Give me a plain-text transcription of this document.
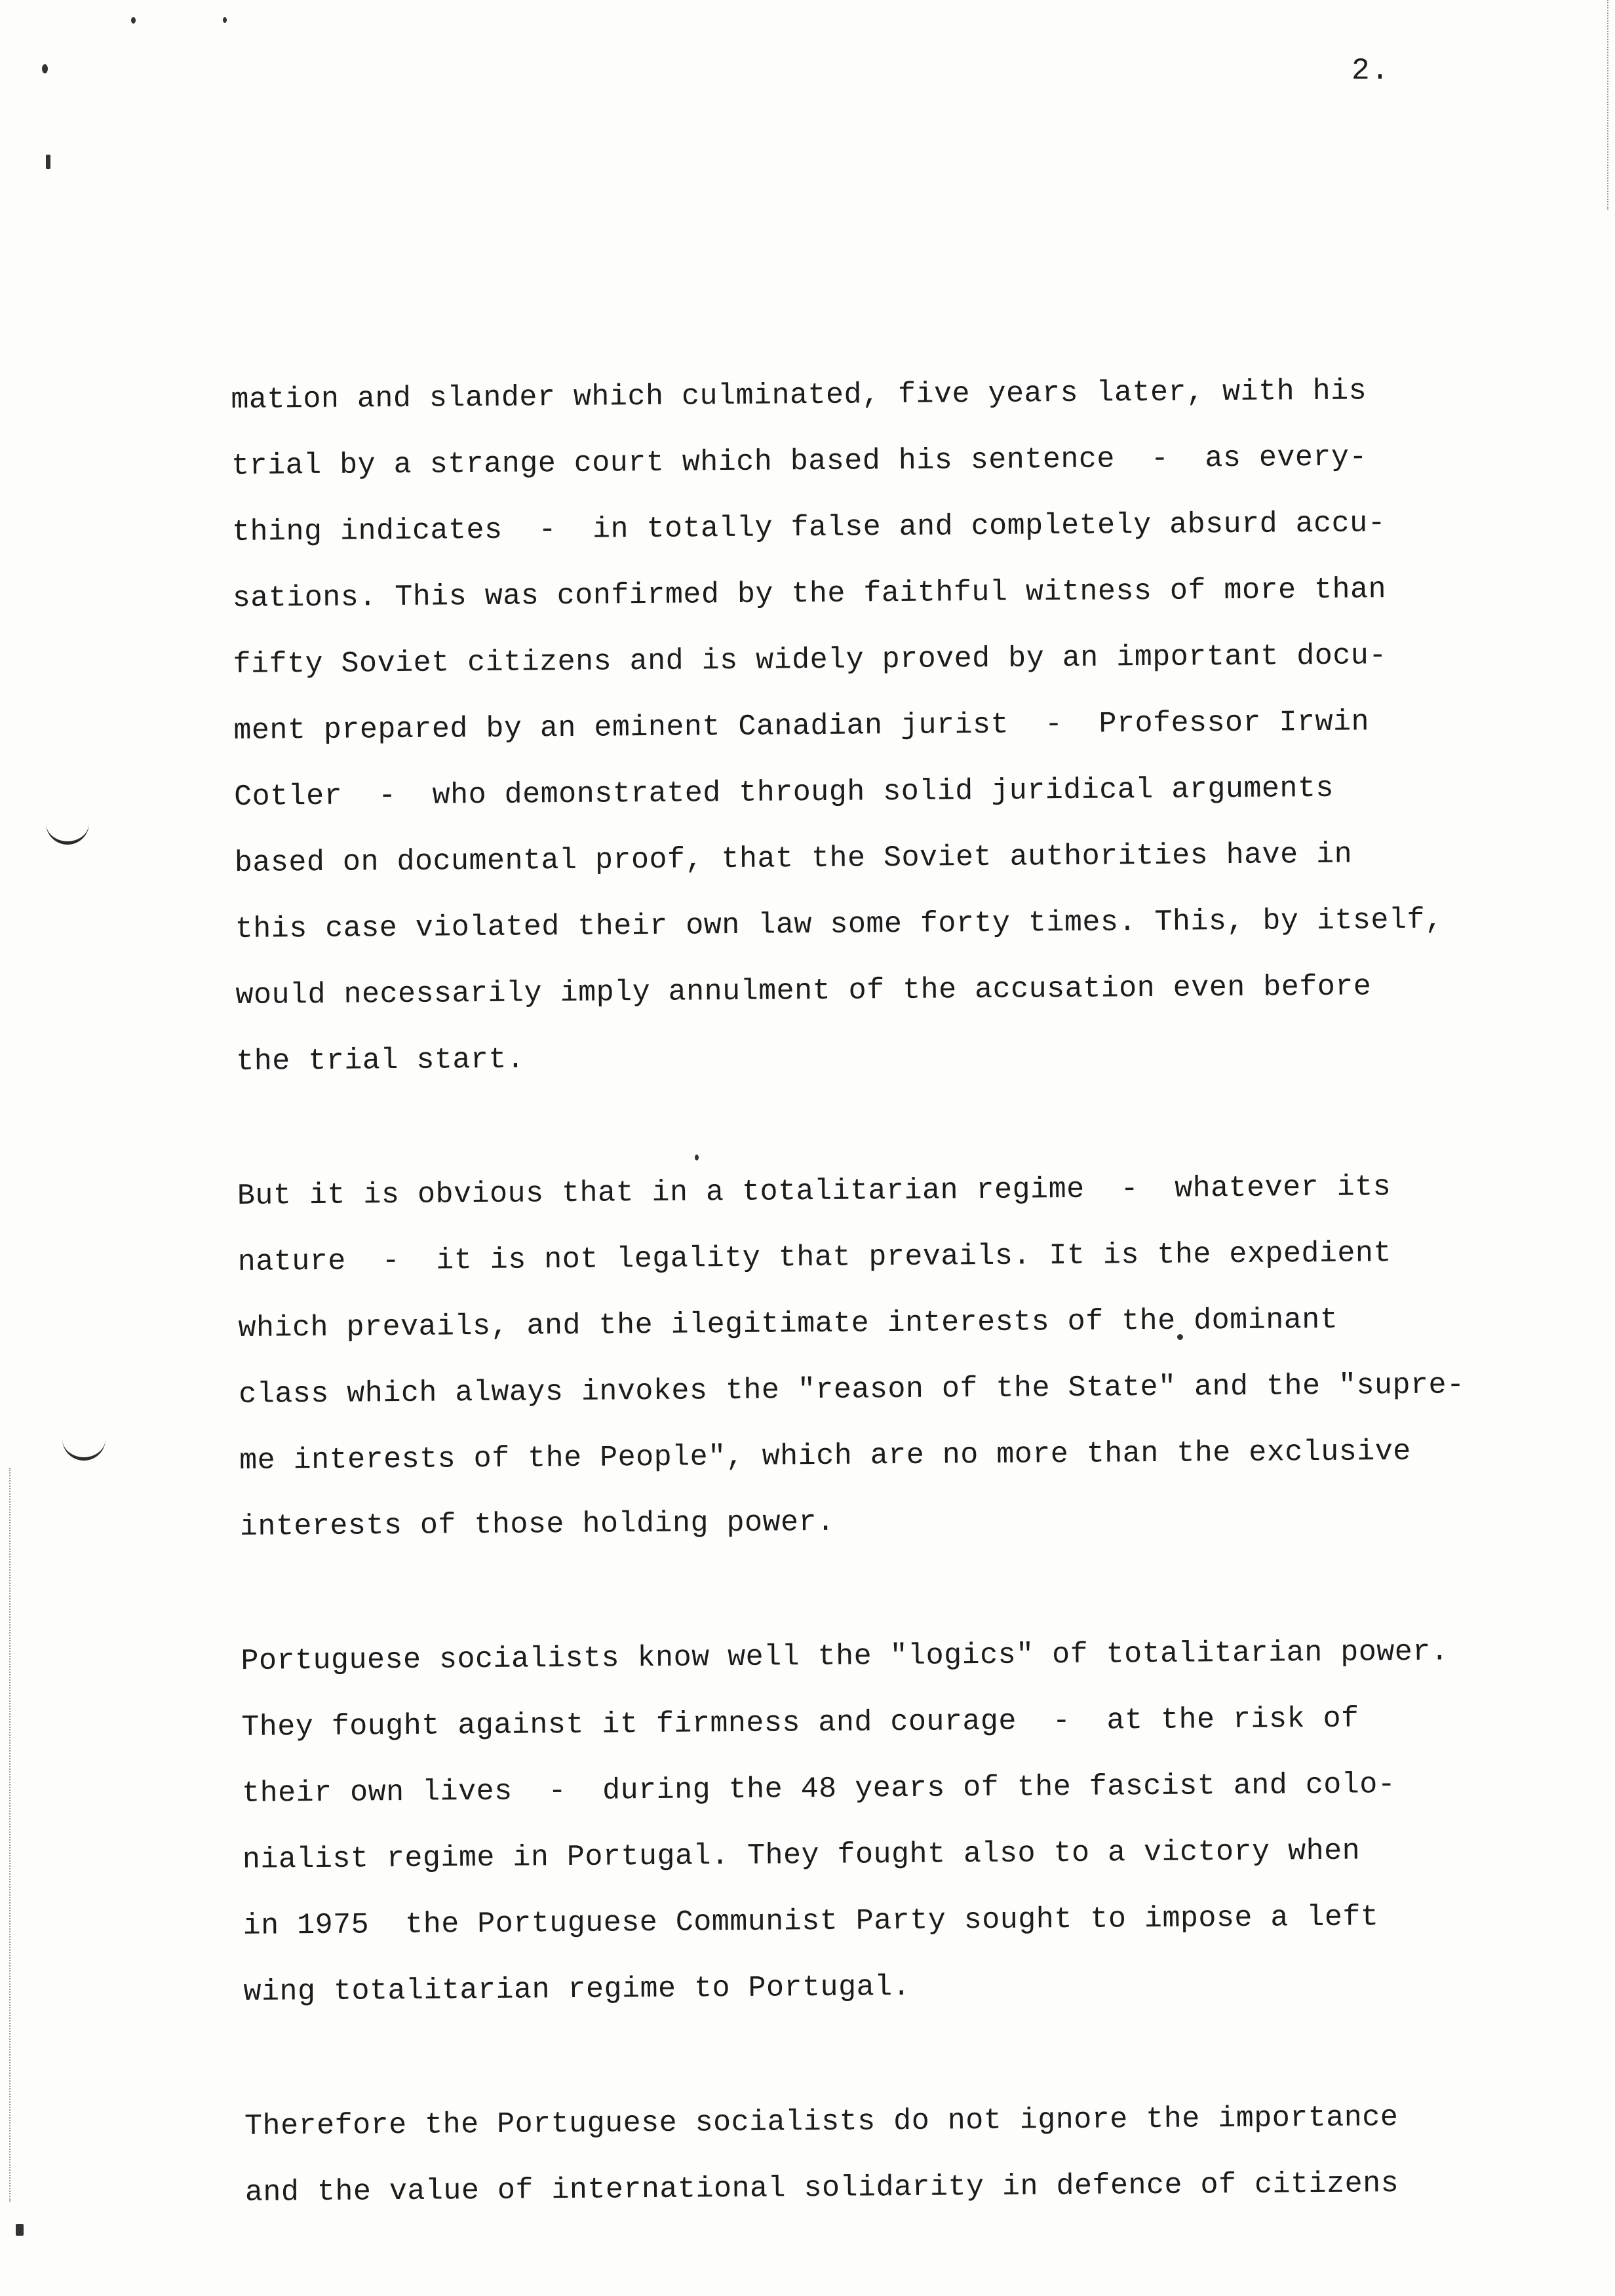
2.
mation and slander which culminated, five years later, with his
trial by a strange court which based his sentence  -  as every-
thing indicates  -  in totally false and completely absurd accu-
sations. This was confirmed by the faithful witness of more than
fifty Soviet citizens and is widely proved by an important docu-
ment prepared by an eminent Canadian jurist  -  Professor Irwin
Cotler  -  who demonstrated through solid juridical arguments
based on documental proof, that the Soviet authorities have in
this case violated their own law some forty times. This, by itself,
would necessarily imply annulment of the accusation even before
the trial start.
But it is obvious that in a totalitarian regime  -  whatever its
nature  -  it is not legality that prevails. It is the expedient
which prevails, and the ilegitimate interests of the dominant
class which always invokes the "reason of the State" and the "supre-
me interests of the People", which are no more than the exclusive
interests of those holding power.
Portuguese socialists know well the "logics" of totalitarian power.
They fought against it firmness and courage  -  at the risk of
their own lives  -  during the 48 years of the fascist and colo-
nialist regime in Portugal. They fought also to a victory when
in 1975  the Portuguese Communist Party sought to impose a left
wing totalitarian regime to Portugal.
Therefore the Portuguese socialists do not ignore the importance
and the value of international solidarity in defence of citizens
